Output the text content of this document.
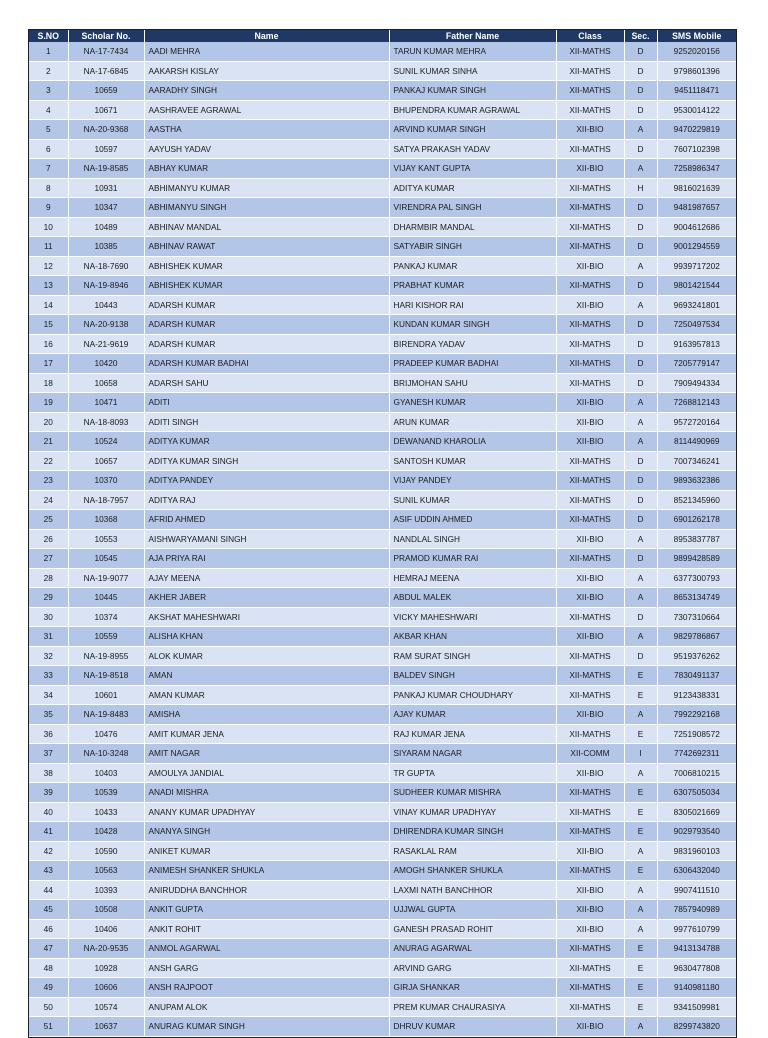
S.NO	Scholar No.	Name	Father Name	Class	Sec.	SMS Mobile
1	NA-17-7434	AADI MEHRA	TARUN KUMAR MEHRA	XII-MATHS	D	9252020156
2	NA-17-6845	AAKARSH KISLAY	SUNIL KUMAR SINHA	XII-MATHS	D	9798601396
3	10659	AARADHY SINGH	PANKAJ KUMAR SINGH	XII-MATHS	D	9451118471
4	10671	AASHRAVEE AGRAWAL	BHUPENDRA KUMAR AGRAWAL	XII-MATHS	D	9530014122
5	NA-20-9368	AASTHA	ARVIND KUMAR SINGH	XII-BIO	A	9470229819
6	10597	AAYUSH YADAV	SATYA PRAKASH YADAV	XII-MATHS	D	7607102398
7	NA-19-8585	ABHAY KUMAR	VIJAY KANT GUPTA	XII-BIO	A	7258986347
8	10931	ABHIMANYU KUMAR	ADITYA KUMAR	XII-MATHS	H	9816021639
9	10347	ABHIMANYU SINGH	VIRENDRA PAL SINGH	XII-MATHS	D	9481987657
10	10489	ABHINAV MANDAL	DHARMBIR MANDAL	XII-MATHS	D	9004612686
11	10385	ABHINAV RAWAT	SATYABIR SINGH	XII-MATHS	D	9001294559
12	NA-18-7690	ABHISHEK KUMAR	PANKAJ KUMAR	XII-BIO	A	9939717202
13	NA-19-8946	ABHISHEK KUMAR	PRABHAT KUMAR	XII-MATHS	D	9801421544
14	10443	ADARSH KUMAR	HARI KISHOR RAI	XII-BIO	A	9693241801
15	NA-20-9138	ADARSH KUMAR	KUNDAN KUMAR SINGH	XII-MATHS	D	7250497534
16	NA-21-9619	ADARSH KUMAR	BIRENDRA YADAV	XII-MATHS	D	9163957813
17	10420	ADARSH KUMAR BADHAI	PRADEEP KUMAR BADHAI	XII-MATHS	D	7205779147
18	10658	ADARSH SAHU	BRIJMOHAN SAHU	XII-MATHS	D	7909494334
19	10471	ADITI	GYANESH KUMAR	XII-BIO	A	7268812143
20	NA-18-8093	ADITI SINGH	ARUN KUMAR	XII-BIO	A	9572720164
21	10524	ADITYA KUMAR	DEWANAND KHAROLIA	XII-BIO	A	8114490969
22	10657	ADITYA KUMAR SINGH	SANTOSH KUMAR	XII-MATHS	D	7007346241
23	10370	ADITYA PANDEY	VIJAY PANDEY	XII-MATHS	D	9893632386
24	NA-18-7957	ADITYA RAJ	SUNIL KUMAR	XII-MATHS	D	8521345960
25	10368	AFRID AHMED	ASIF UDDIN AHMED	XII-MATHS	D	6901262178
26	10553	AISHWARYAMANI SINGH	NANDLAL SINGH	XII-BIO	A	8953837787
27	10545	AJA PRIYA RAI	PRAMOD KUMAR RAI	XII-MATHS	D	9899428589
28	NA-19-9077	AJAY MEENA	HEMRAJ MEENA	XII-BIO	A	6377300793
29	10445	AKHER JABER	ABDUL MALEK	XII-BIO	A	8653134749
30	10374	AKSHAT MAHESHWARI	VICKY MAHESHWARI	XII-MATHS	D	7307310664
31	10559	ALISHA KHAN	AKBAR KHAN	XII-BIO	A	9829786867
32	NA-19-8955	ALOK KUMAR	RAM SURAT SINGH	XII-MATHS	D	9519376262
33	NA-19-8518	AMAN	BALDEV SINGH	XII-MATHS	E	7830491137
34	10601	AMAN KUMAR	PANKAJ KUMAR CHOUDHARY	XII-MATHS	E	9123438331
35	NA-19-8483	AMISHA	AJAY KUMAR	XII-BIO	A	7992292168
36	10476	AMIT KUMAR JENA	RAJ KUMAR JENA	XII-MATHS	E	7251908572
37	NA-10-3248	AMIT NAGAR	SIYARAM NAGAR	XII-COMM	I	7742692311
38	10403	AMOULYA JANDIAL	TR GUPTA	XII-BIO	A	7006810215
39	10539	ANADI MISHRA	SUDHEER KUMAR MISHRA	XII-MATHS	E	6307505034
40	10433	ANANY KUMAR UPADHYAY	VINAY KUMAR UPADHYAY	XII-MATHS	E	8305021669
41	10428	ANANYA SINGH	DHIRENDRA KUMAR SINGH	XII-MATHS	E	9029793540
42	10590	ANIKET KUMAR	RASAKLAL RAM	XII-BIO	A	9831960103
43	10563	ANIMESH SHANKER SHUKLA	AMOGH SHANKER SHUKLA	XII-MATHS	E	6306432040
44	10393	ANIRUDDHA BANCHHOR	LAXMI NATH BANCHHOR	XII-BIO	A	9907411510
45	10508	ANKIT GUPTA	UJJWAL GUPTA	XII-BIO	A	7857940989
46	10406	ANKIT ROHIT	GANESH PRASAD ROHIT	XII-BIO	A	9977610799
47	NA-20-9535	ANMOL AGARWAL	ANURAG AGARWAL	XII-MATHS	E	9413134788
48	10928	ANSH GARG	ARVIND GARG	XII-MATHS	E	9630477808
49	10606	ANSH RAJPOOT	GIRJA SHANKAR	XII-MATHS	E	9140981180
50	10574	ANUPAM ALOK	PREM KUMAR CHAURASIYA	XII-MATHS	E	9341509981
51	10637	ANURAG KUMAR SINGH	DHRUV KUMAR	XII-BIO	A	8299743820
